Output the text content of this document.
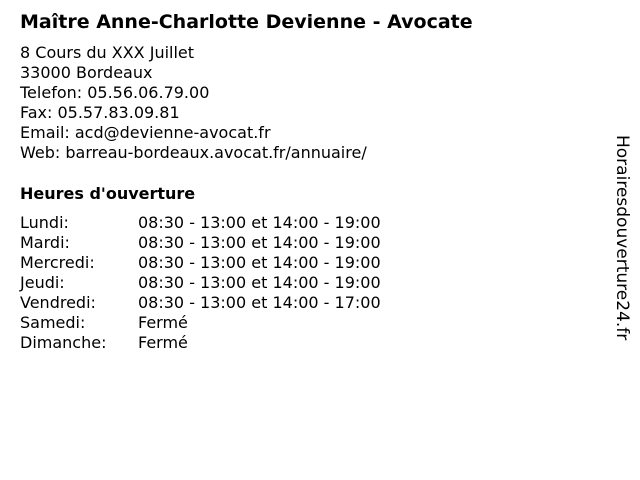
Maître Anne-Charlotte Devienne - Avocate
8 Cours du XXX Juillet
33000 Bordeaux
Telefon: 05.56.06.79.00
Fax: 05.57.83.09.81
Email: acd@devienne-avocat.fr
Web: barreau-bordeaux.avocat.fr/annuaire/
Heures d'ouverture
Lundi:	08:30 - 13:00 et 14:00 - 19:00
Mardi:	08:30 - 13:00 et 14:00 - 19:00
Mercredi:	08:30 - 13:00 et 14:00 - 19:00
Jeudi:	08:30 - 13:00 et 14:00 - 19:00
Vendredi:	08:30 - 13:00 et 14:00 - 17:00
Samedi:	Fermé
Dimanche: Fermé
Horairesdouverture24.fr
